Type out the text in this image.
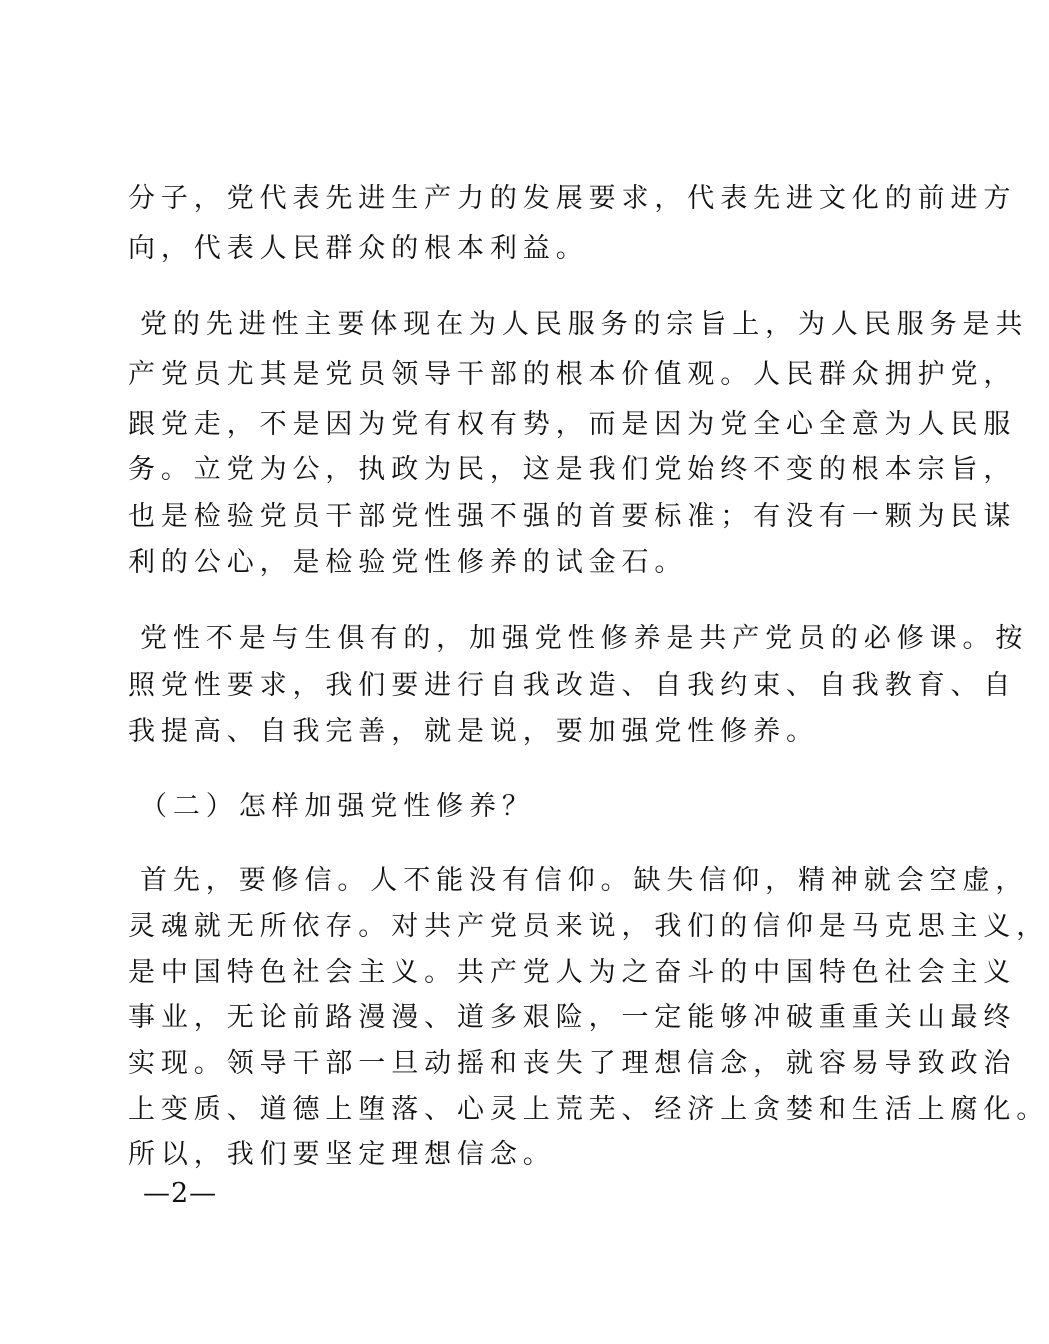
分子，党代表先进生产力的发展要求，代表先进文化的前进方
向，代表人民群众的根本利益。
党的先进性主要体现在为人民服务的宗旨上，为人民服务是共
产党员尤其是党员领导干部的根本价值观。人民群众拥护党，
跟党走，不是因为党有权有势，而是因为党全心全意为人民服
务。立党为公，执政为民，这是我们党始终不变的根本宗旨，
也是检验党员干部党性强不强的首要标准；有没有一颗为民谋
利的公心，是检验党性修养的试金石。
党性不是与生俱有的，加强党性修养是共产党员的必修课。按
照党性要求，我们要进行自我改造、自我约束、自我教育、自
我提高、自我完善，就是说，要加强党性修养。
（二）怎样加强党性修养？
首先，要修信。人不能没有信仰。缺失信仰，精神就会空虚，
灵魂就无所依存。对共产党员来说，我们的信仰是马克思主义，
是中国特色社会主义。共产党人为之奋斗的中国特色社会主义
事业，无论前路漫漫、道多艰险，一定能够冲破重重关山最终
实现。领导干部一旦动摇和丧失了理想信念，就容易导致政治
上变质、道德上堕落、心灵上荒芜、经济上贪婪和生活上腐化。
所以，我们要坚定理想信念。
—2—
